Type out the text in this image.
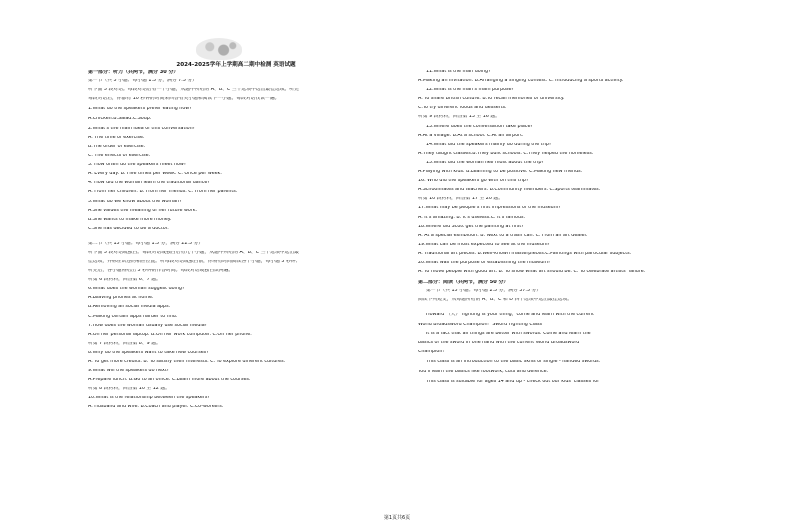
2024-2025学年上学期高二期中检测 英语试题
第一部分：听力（共两节，满分 30 分）
第一节（共 5 小题；每小题 1.5 分，满分 7.5 分）
听下面 5 段对话。每段对话后有一个小题，从题中所给的 A、B、C 三个选项中选出最佳选项。听完
每段对话后，你都有 10 秒钟的时间来回答有关小题和阅读下一小题。每段对话仅读一遍。
1.What do the speakers prefer eating now?
A.Chicken.B.Salad.C.Soup.
2.What's the main idea of this conversation?
A. The time of exercise.
B.The order of exercise.
C. The effects of exercise.
3. How often do the speakers meet now?
A. Every day. B. Five times per week. C. Once per week.
4. How did the woman learn the traditional dance?
A. From her children. B. From her friends. C. From her parents.
5.What do we know about the woman?
A.She values the meaning of her future work.
B.She wants to make more money.
C.She has decided to be a doctor.
第二节（共 15 小题；每小题 1.5 分，满分 22.5 分）
听下面 5 段对话或独白。每段对话或独白后有几个小题，从题中所给的 A、B、C 三个选项中选出最
佳选项，并标在试卷的相应位置。听每段对话或独白前，你将有时间阅读各个小题，每小题 5 秒钟；
听完后，各小题将给出 5 秒钟的作答时间。每段对话或独白读两遍。
听第 6 段材料，回答第 6、7 题。
6.What does the woman suggest doing?
A.Leaving phones at home.
B.Removing all social media apps.
C.Making certain apps harder to find.
7.How does the woman usually use social media?
A.On her personal laptop. B.On her work computer. C.On her phone.
听第 7 段材料，回答第 8、9 题。
8.Why do the speakers want to take new courses?
A. To get more credits. B. To satisfy their interests. C. To explore different cultures.
9.What will the speakers do next?
A.Prepare lunch. B.Go to an office. C.Learn more about the courses.
听第 8 段材料，回答第 10 至 12 题。
10.What is the relationship between the speakers?
A. Husband and wife. B.Coach and player. C.Co-workers.
11.What is the man doing?
A.Making an invitation. B.Arranging a singing contest. C. Introducing a sports activity.
12.What is the man's main purpose?
A. To share British culture. B.To recall memories of university.
C.To try different foods and desserts.
听第 9 段材料，回答第 13 至 16 题。
13.Where does the conversation take place?
A.At a village. B.At a school. C.At an airport.
14.What did the speakers mainly do during the trip?
A.They taught classes.B.They built schools. C.They helped the homeless.
15.What did the woman like most about the trip?
A.Playing with kids. B.Learning to be positive. C.Making new friends.
16. Who did the speakers go with on this trip?
A.Schoolmates and teachers. B.Community members. C.Sports teammates.
听第 10 段材料，回答第 17 至 20 题。
17.What may be people's first impressions of the museum?
A. It's amazing. B. It's useless.C. It's famous.
18.Where did Scott get the painting at first?
A. At a special exhibition. B. Next to a trash can. C. From an art dealer.
19.What can be most expected to see at the museum?
A. Traditional art pieces. B.Well-known masterpieces.C.Paintings with particular subjects.
20.What was the purpose of establishing the museum?
A. To move people with good art. B. To show what art should be. C. To celebrate artists' failure.
第二部分：阅读（共两节，满分 50 分）
第一节（共 15 小题；每小题 2.5 分，满分 37.5 分）
阅读下列短文，从每题所给的 A、B、C 和 D 四个选项中选出最佳选项。
Howard （大） fighting is your thing，come and learn with the current
World Broadsword Champion！Sword Fighting Class
It is a fact that all things are better with swords. Come and learn the
basics of the sword in one hand with the current World Broadsword
Champion!
This class is an introduction to the basic skills of single - handed swords.
You'll learn the basics like footwork, cuts and defence.
This class is suitable for ages 14 and up - check out our kids' classes for
第1页共6页
